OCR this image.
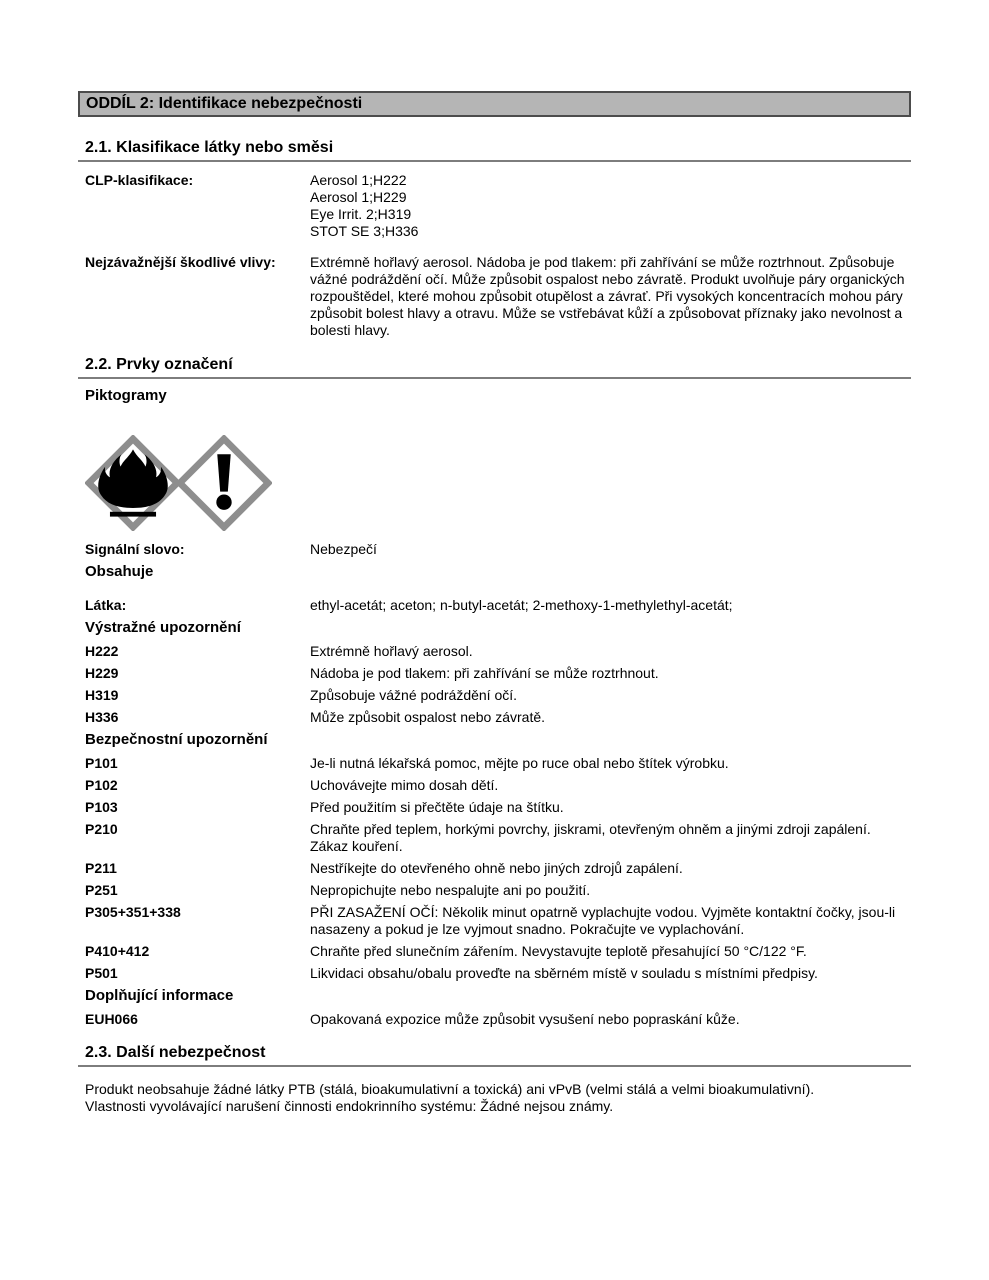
ODDÍL 2: Identifikace nebezpečnosti
2.1. Klasifikace látky nebo směsi
CLP-klasifikace:	Aerosol 1;H222
Aerosol 1;H229
Eye Irrit. 2;H319
STOT SE 3;H336
Nejzávažnější škodlivé vlivy:	Extrémně hořlavý aerosol. Nádoba je pod tlakem: při zahřívání se může roztrhnout. Způsobuje vážné podráždění očí. Může způsobit ospalost nebo závratě. Produkt uvolňuje páry organických rozpouštědel, které mohou způsobit otupělost a závrať. Při vysokých koncentracích mohou páry způsobit bolest hlavy a otravu. Může se vstřebávat kůží a způsobovat příznaky jako nevolnost a bolesti hlavy.
2.2. Prvky označení
Piktogramy
Signální slovo:	Nebezpečí
Obsahuje
Látka:	ethyl-acetát; aceton; n-butyl-acetát; 2-methoxy-1-methylethyl-acetát;
Výstražné upozornění
H222	Extrémně hořlavý aerosol.
H229	Nádoba je pod tlakem: při zahřívání se může roztrhnout.
H319	Způsobuje vážné podráždění očí.
H336	Může způsobit ospalost nebo závratě.
Bezpečnostní upozornění
P101	Je-li nutná lékařská pomoc, mějte po ruce obal nebo štítek výrobku.
P102	Uchovávejte mimo dosah dětí.
P103	Před použitím si přečtěte údaje na štítku.
P210	Chraňte před teplem, horkými povrchy, jiskrami, otevřeným ohněm a jinými zdroji zapálení. Zákaz kouření.
P211	Nestříkejte do otevřeného ohně nebo jiných zdrojů zapálení.
P251	Nepropichujte nebo nespalujte ani po použití.
P305+351+338	PŘI ZASAŽENÍ OČÍ: Několik minut opatrně vyplachujte vodou. Vyjměte kontaktní čočky, jsou-li nasazeny a pokud je lze vyjmout snadno. Pokračujte ve vyplachování.
P410+412	Chraňte před slunečním zářením. Nevystavujte teplotě přesahující 50 °C/122 °F.
P501	Likvidaci obsahu/obalu proveďte na sběrném místě v souladu s místními předpisy.
Doplňující informace
EUH066	Opakovaná expozice může způsobit vysušení nebo popraskání kůže.
2.3. Další nebezpečnost
Produkt neobsahuje žádné látky PTB (stálá, bioakumulativní a toxická) ani vPvB (velmi stálá a velmi bioakumulativní).
Vlastnosti vyvolávající narušení činnosti endokrinního systému: Žádné nejsou známy.
